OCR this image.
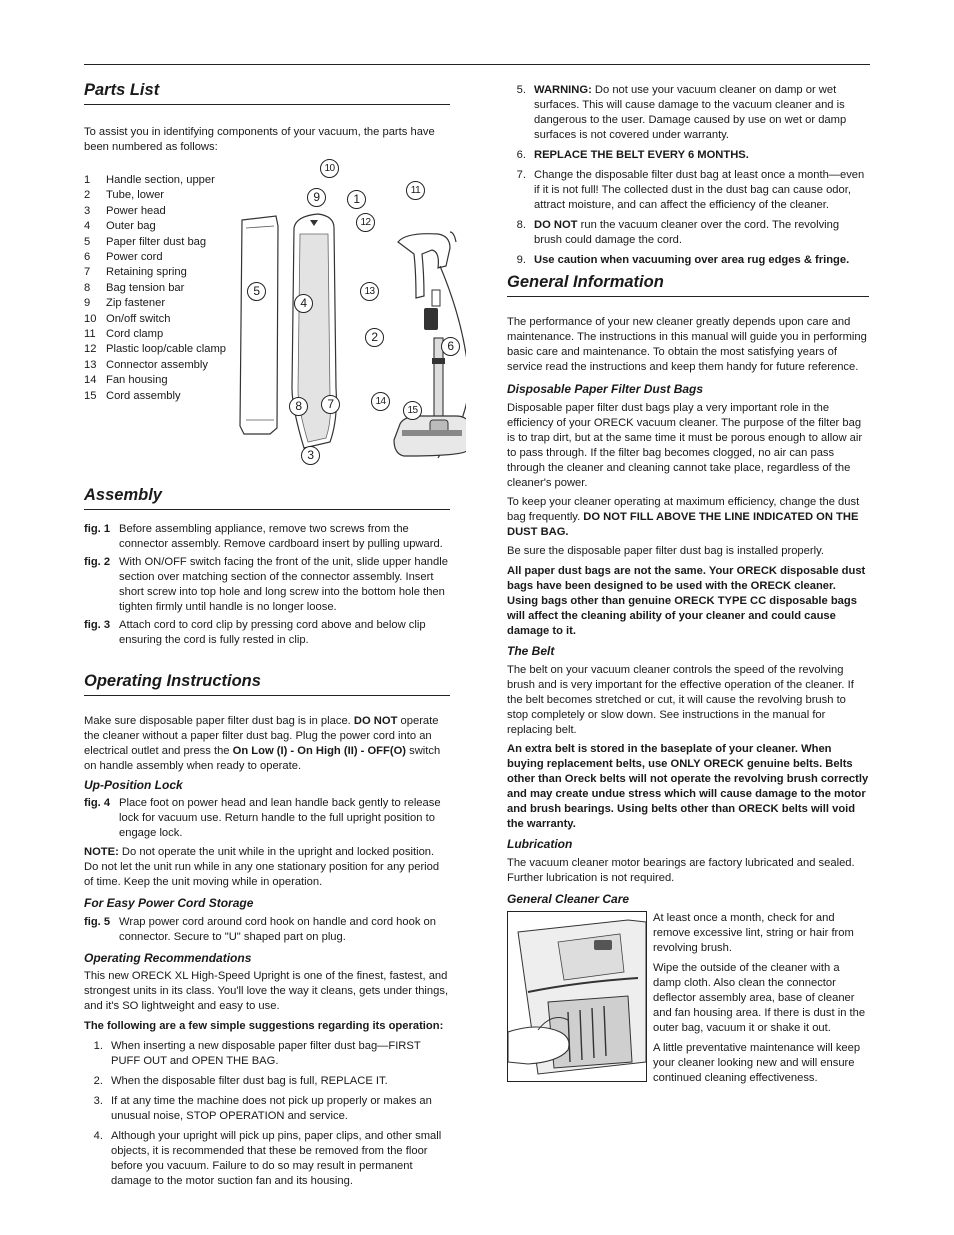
Parts List

To assist you in identifying components of your vacuum, the parts have been numbered as follows:

1	Handle section, upper
2	Tube, lower
3	Power head
4	Outer bag
5	Paper filter dust bag
6	Power cord
7	Retaining spring
8	Bag tension bar
9	Zip fastener
10 On/off switch
11 Cord clamp
12 Plastic loop/cable clamp
13 Connector assembly
14 Fan housing
15 Cord assembly
10
9	1
11
12
13
5
4
2
6
7	14
8	15
3
Assembly
fig. 1 Before assembling appliance, remove two screws from the connector assembly. Remove cardboard insert by pulling upward.
fig. 2 With ON/OFF switch facing the front of the unit, slide upper handle section over matching section of the connector assembly. Insert short screw into top hole and long screw into the bottom hole then tighten firmly until handle is no longer loose.
fig. 3 Attach cord to cord clip by pressing cord above and below clip ensuring the cord is fully rested in clip.
Operating Instructions

Make sure disposable paper filter dust bag is in place. DO NOT operate the cleaner without a paper filter dust bag. Plug the power cord into an electrical outlet and press the On Low (I) - On High (II) - OFF(O) switch on handle assembly when ready to operate.

Up-Position Lock
fig. 4 Place foot on power head and lean handle back gently to release lock for vacuum use. Return handle to the full upright position to engage lock.

NOTE: Do not operate the unit while in the upright and locked position. Do not let the unit run while in any one stationary position for any period of time. Keep the unit moving while in operation.

For Easy Power Cord Storage
fig. 5 Wrap power cord around cord hook on handle and cord hook on connector. Secure to "U" shaped part on plug.
Operating Recommendations

This new ORECK XL High-Speed Upright is one of the finest, fastest, and strongest units in its class. You'll love the way it cleans, gets under things, and it's SO lightweight and easy to use.

The following are a few simple suggestions regarding its operation:

1. When inserting a new disposable paper filter dust bag—FIRST PUFF OUT and OPEN THE BAG.
2. When the disposable filter dust bag is full, REPLACE IT.
3. If at any time the machine does not pick up properly or makes an unusual noise, STOP OPERATION and service.
4. Although your upright will pick up pins, paper clips, and other small objects, it is recommended that these be removed from the floor before you vacuum. Failure to do so may result in permanent damage to the motor suction fan and its housing.
5. WARNING: Do not use your vacuum cleaner on damp or wet surfaces. This will cause damage to the vacuum cleaner and is dangerous to the user. Damage caused by use on wet or damp surfaces is not covered under warranty.
6. REPLACE THE BELT EVERY 6 MONTHS.
7. Change the disposable filter dust bag at least once a month—even if it is not full! The collected dust in the dust bag can cause odor, attract moisture, and can affect the efficiency of the cleaner.
8. DO NOT run the vacuum cleaner over the cord. The revolving brush could damage the cord.
9. Use caution when vacuuming over area rug edges & fringe.
General Information

The performance of your new cleaner greatly depends upon care and maintenance. The instructions in this manual will guide you in performing basic care and maintenance. To obtain the most satisfying years of service read the instructions and keep them handy for future reference.

Disposable Paper Filter Dust Bags

Disposable paper filter dust bags play a very important role in the efficiency of your ORECK vacuum cleaner. The purpose of the filter bag is to trap dirt, but at the same time it must be porous enough to allow air to pass through. If the filter bag becomes clogged, no air can pass through the cleaner and cleaning cannot take place, regardless of the cleaner's power.

To keep your cleaner operating at maximum efficiency, change the dust bag frequently. DO NOT FILL ABOVE THE LINE INDICATED ON THE DUST BAG.

Be sure the disposable paper filter dust bag is installed properly.

All paper dust bags are not the same. Your ORECK disposable dust bags have been designed to be used with the ORECK cleaner. Using bags other than genuine ORECK TYPE CC disposable bags will affect the cleaning ability of your cleaner and could cause damage to it.

The Belt

The belt on your vacuum cleaner controls the speed of the revolving brush and is very important for the effective operation of the cleaner. If the belt becomes stretched or cut, it will cause the revolving brush to stop completely or slow down. See instructions in the manual for replacing belt.

An extra belt is stored in the baseplate of your cleaner. When buying replacement belts, use ONLY ORECK genuine belts. Belts other than Oreck belts will not operate the revolving brush correctly and may create undue stress which will cause damage to the motor and brush bearings. Using belts other than ORECK belts will void the warranty.

Lubrication

The vacuum cleaner motor bearings are factory lubricated and sealed. Further lubrication is not required.

General Cleaner Care

At least once a month, check for and remove excessive lint, string or hair from revolving brush.

Wipe the outside of the cleaner with a damp cloth. Also clean the connector deflector assembly area, base of cleaner and fan housing area. If there is dust in the outer bag, vacuum it or shake it out.

A little preventative maintenance will keep your cleaner looking new and will ensure continued cleaning effectiveness.
